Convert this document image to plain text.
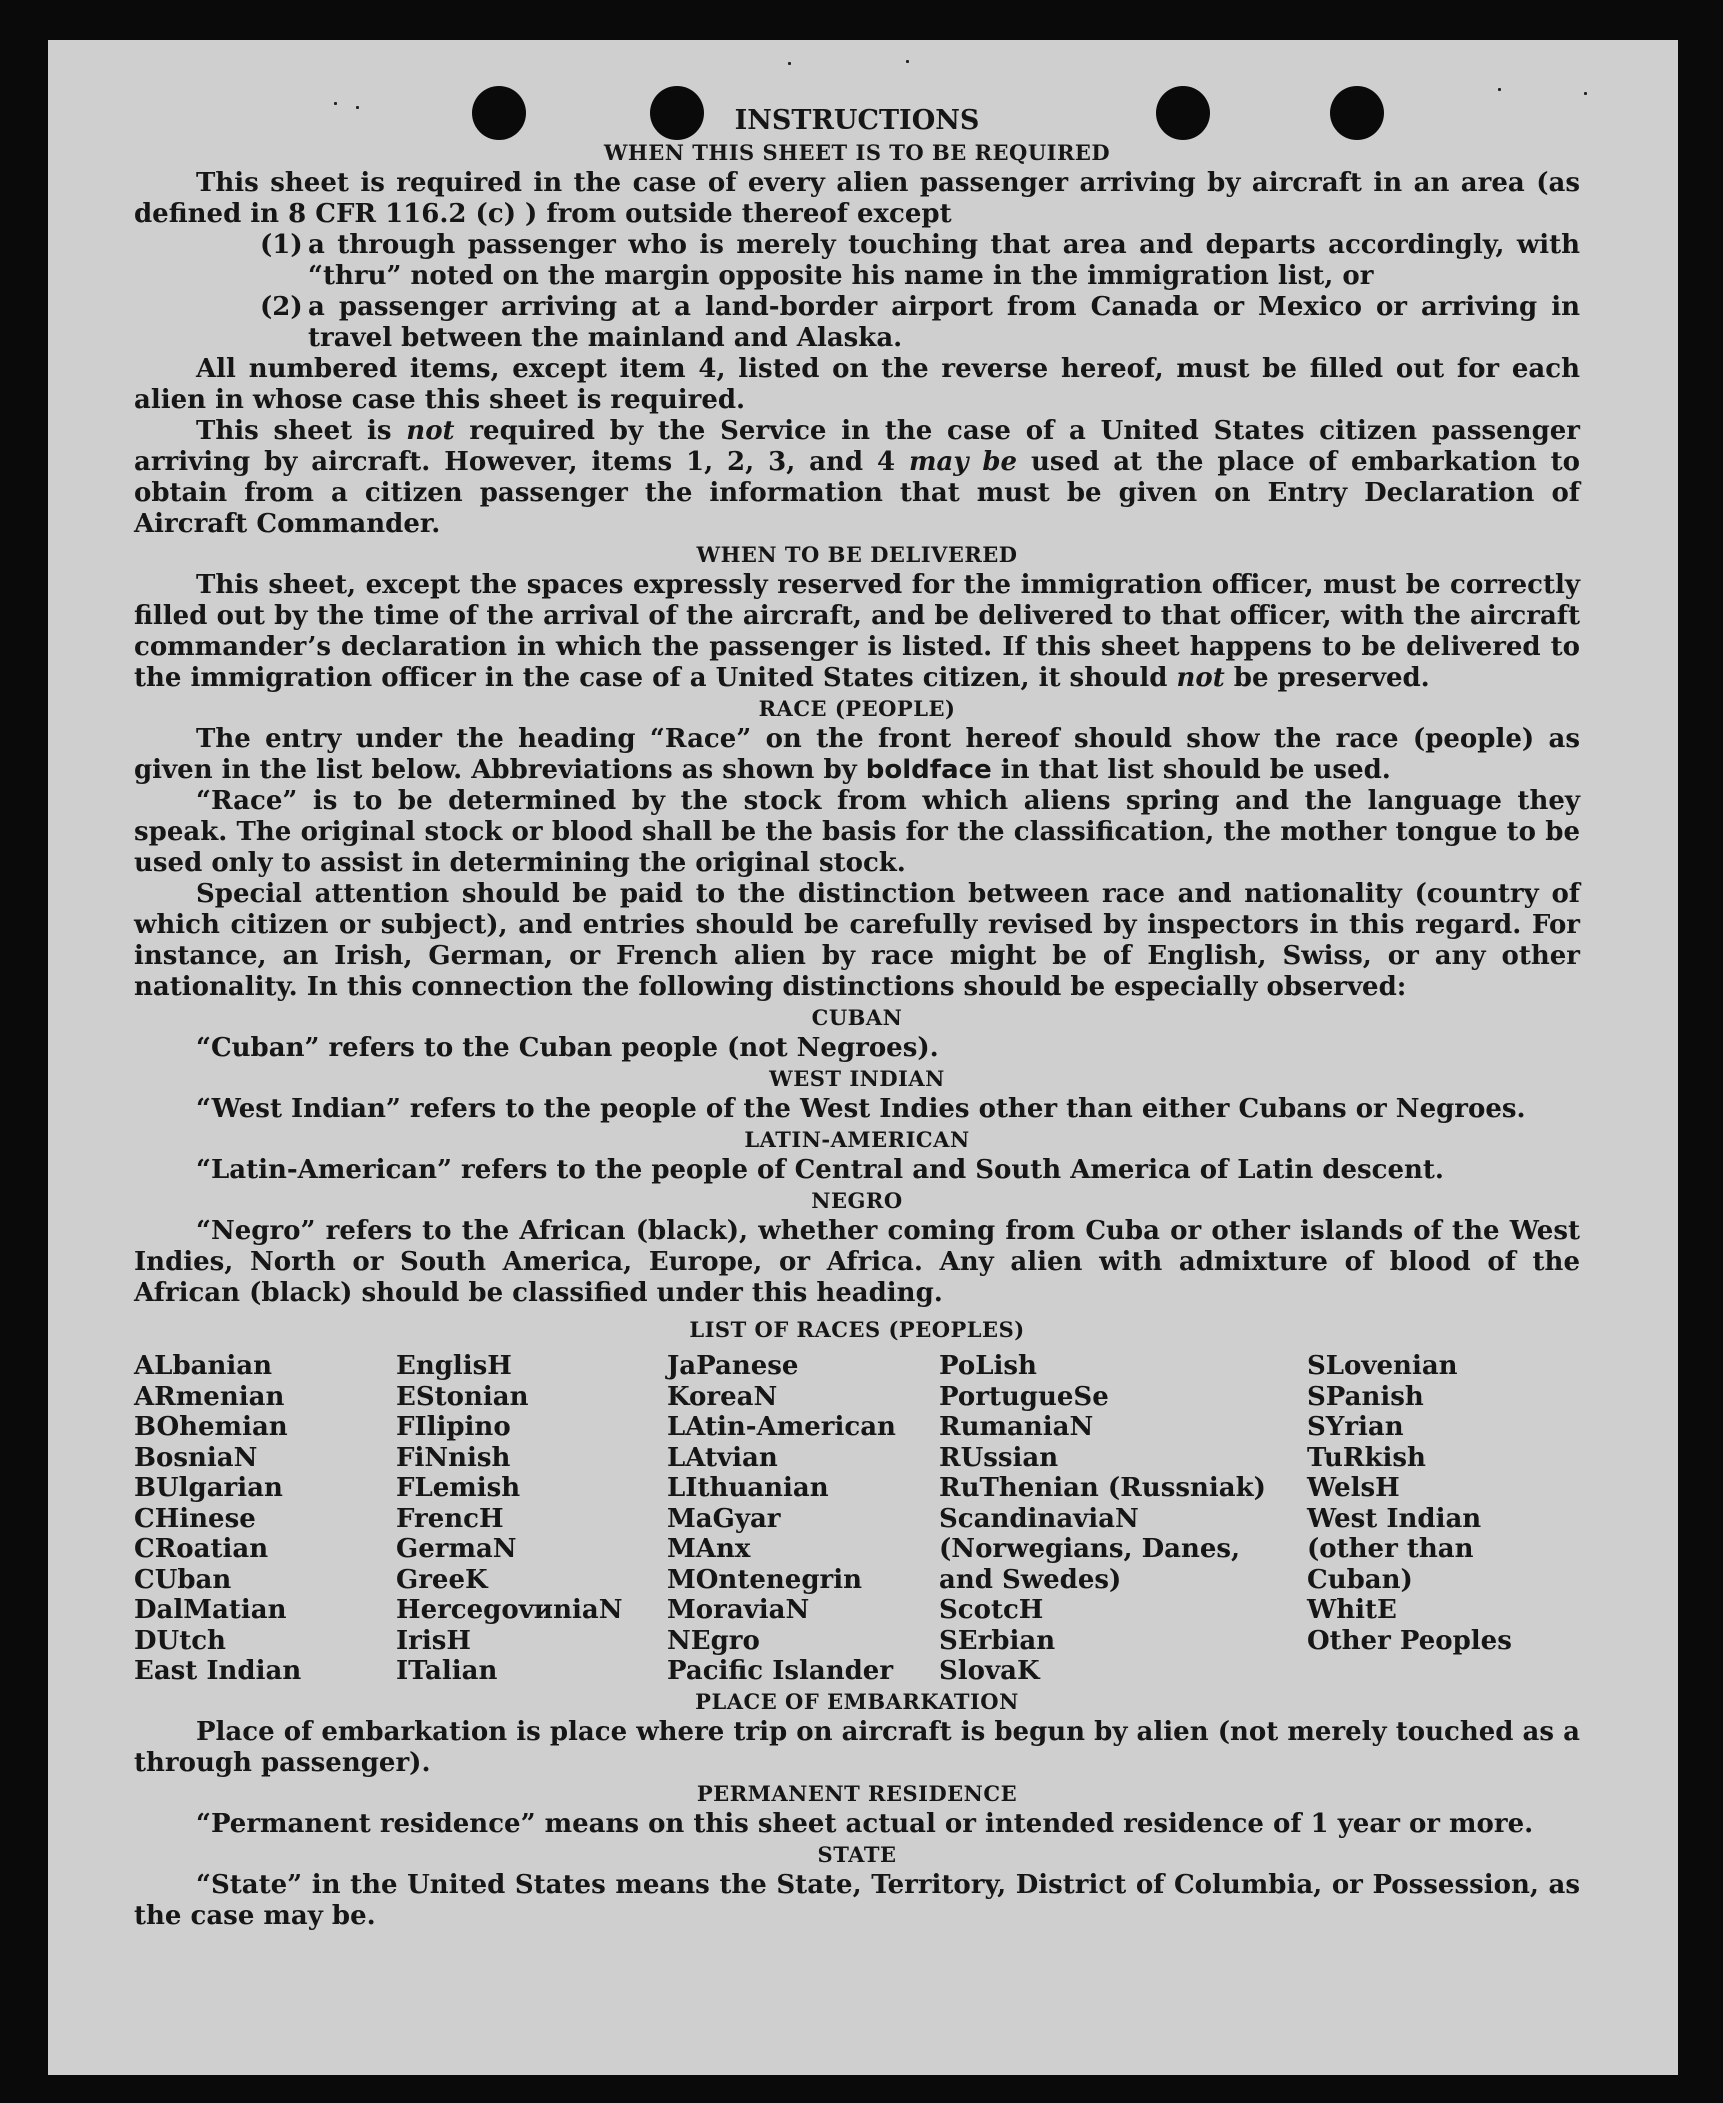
INSTRUCTIONS

WHEN THIS SHEET IS TO BE REQUIRED

This sheet is required in the case of every alien passenger arriving by aircraft in an area (as defined in 8 CFR 116.2 (c) ) from outside thereof except

(1) a through passenger who is merely touching that area and departs accordingly, with “thru” noted on the margin opposite his name in the immigration list, or
(2) a passenger arriving at a land-border airport from Canada or Mexico or arriving in travel between the mainland and Alaska.

All numbered items, except item 4, listed on the reverse hereof, must be filled out for each alien in whose case this sheet is required.

This sheet is not required by the Service in the case of a United States citizen passenger arriving by aircraft. However, items 1, 2, 3, and 4 may be used at the place of embarkation to obtain from a citizen passenger the information that must be given on Entry Declaration of Aircraft Commander.

WHEN TO BE DELIVERED

This sheet, except the spaces expressly reserved for the immigration officer, must be correctly filled out by the time of the arrival of the aircraft, and be delivered to that officer, with the aircraft commander’s declaration in which the passenger is listed. If this sheet happens to be delivered to the immigration officer in the case of a United States citizen, it should not be preserved.

RACE (PEOPLE)

The entry under the heading “Race” on the front hereof should show the race (people) as given in the list below. Abbreviations as shown by boldface in that list should be used.

“Race” is to be determined by the stock from which aliens spring and the language they speak. The original stock or blood shall be the basis for the classification, the mother tongue to be used only to assist in determining the original stock.

Special attention should be paid to the distinction between race and nationality (country of which citizen or subject), and entries should be carefully revised by inspectors in this regard. For instance, an Irish, German, or French alien by race might be of English, Swiss, or any other nationality. In this connection the following distinctions should be especially observed:

CUBAN

“Cuban” refers to the Cuban people (not Negroes).

WEST INDIAN

“West Indian” refers to the people of the West Indies other than either Cubans or Negroes.

LATIN-AMERICAN

“Latin-American” refers to the people of Central and South America of Latin descent.

NEGRO

“Negro” refers to the African (black), whether coming from Cuba or other islands of the West Indies, North or South America, Europe, or Africa. Any alien with admixture of blood of the African (black) should be classified under this heading.

LIST OF RACES (PEOPLES)

ALbanian
ARmenian
BOhemian
BosniaN
BUlgarian
CHinese
CRoatian
CUban
DalMatian
DUtch
East Indian
EnglisH
EStonian
FIlipino
FiNnish
FLemish
FrencH
GermaN
GreeK
HercegovиniaN
IrisH
ITalian
JaPanese
KoreaN
LAtin-American
LAtvian
LIthuanian
MaGyar
MAnx
MOntenegrin
MoraviaN
NEgro
Pacific Islander
PoLish
PortugueSe
RumaniaN
RUssian
RuThenian (Russniak)
ScandinaviaN (Norwegians, Danes, and Swedes)
ScotcH
SErbian
SlovaK
SLovenian
SPanish
SYrian
TuRkish
WelsH
West Indian (other than Cuban)
WhitE
Other Peoples

PLACE OF EMBARKATION

Place of embarkation is place where trip on aircraft is begun by alien (not merely touched as a through passenger).

PERMANENT RESIDENCE

“Permanent residence” means on this sheet actual or intended residence of 1 year or more.

STATE

“State” in the United States means the State, Territory, District of Columbia, or Possession, as the case may be.
